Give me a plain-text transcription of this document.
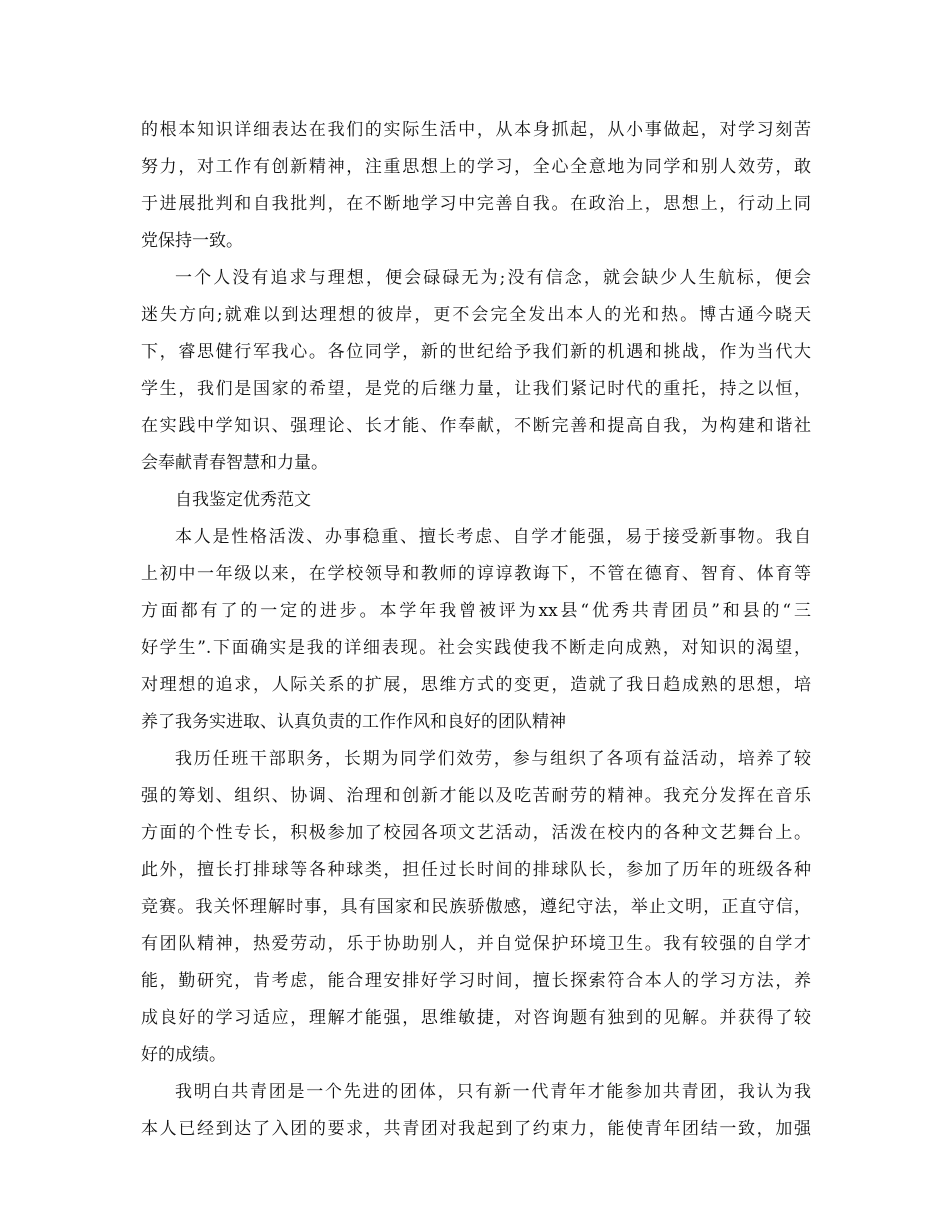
的根本知识详细表达在我们的实际生活中，从本身抓起，从小事做起，对学习刻苦
努力，对工作有创新精神，注重思想上的学习，全心全意地为同学和别人效劳，敢
于进展批判和自我批判，在不断地学习中完善自我。在政治上，思想上，行动上同
党保持一致。
一个人没有追求与理想，便会碌碌无为;没有信念，就会缺少人生航标，便会
迷失方向;就难以到达理想的彼岸，更不会完全发出本人的光和热。博古通今晓天
下，睿思健行军我心。各位同学，新的世纪给予我们新的机遇和挑战，作为当代大
学生，我们是国家的希望，是党的后继力量，让我们紧记时代的重托，持之以恒，
在实践中学知识、强理论、长才能、作奉献，不断完善和提高自我，为构建和谐社
会奉献青春智慧和力量。
自我鉴定优秀范文
本人是性格活泼、办事稳重、擅长考虑、自学才能强，易于接受新事物。我自
上初中一年级以来，在学校领导和教师的谆谆教诲下，不管在德育、智育、体育等
方面都有了的一定的进步。本学年我曾被评为xx县“优秀共青团员”和县的“三
好学生”.下面确实是我的详细表现。社会实践使我不断走向成熟，对知识的渴望，
对理想的追求，人际关系的扩展，思维方式的变更，造就了我日趋成熟的思想，培
养了我务实进取、认真负责的工作作风和良好的团队精神
我历任班干部职务，长期为同学们效劳，参与组织了各项有益活动，培养了较
强的筹划、组织、协调、治理和创新才能以及吃苦耐劳的精神。我充分发挥在音乐
方面的个性专长，积极参加了校园各项文艺活动，活泼在校内的各种文艺舞台上。
此外，擅长打排球等各种球类，担任过长时间的排球队长，参加了历年的班级各种
竞赛。我关怀理解时事，具有国家和民族骄傲感，遵纪守法，举止文明，正直守信，
有团队精神，热爱劳动，乐于协助别人，并自觉保护环境卫生。我有较强的自学才
能，勤研究，肯考虑，能合理安排好学习时间，擅长探索符合本人的学习方法，养
成良好的学习适应，理解才能强，思维敏捷，对咨询题有独到的见解。并获得了较
好的成绩。
我明白共青团是一个先进的团体，只有新一代青年才能参加共青团，我认为我
本人已经到达了入团的要求，共青团对我起到了约束力，能使青年团结一致，加强
